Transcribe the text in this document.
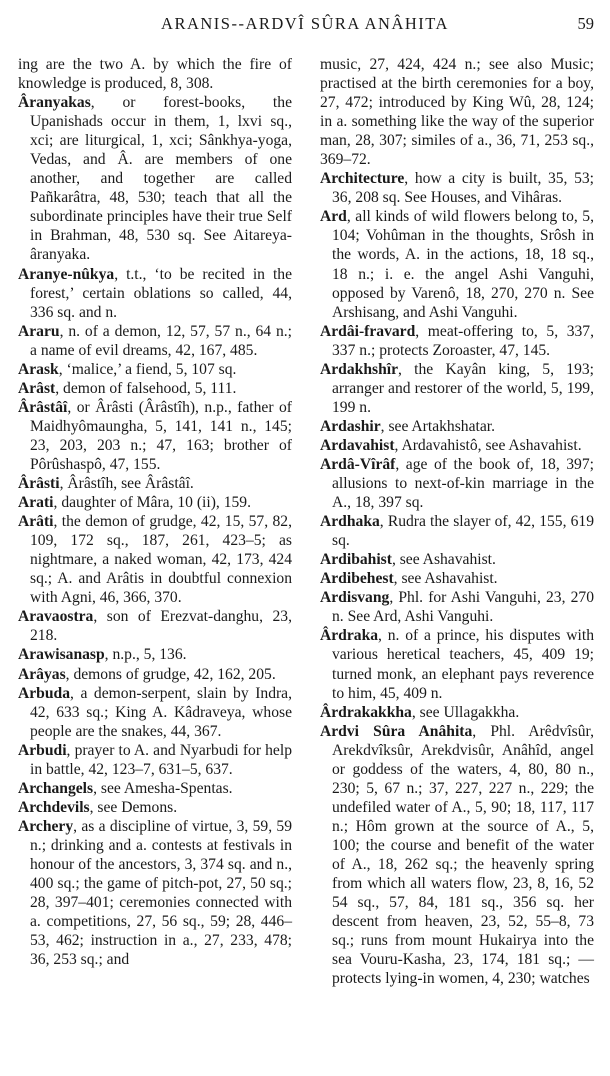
ARANIS--ARDVÎ SÛRA ANÂHITA	59
ing are the two A. by which the fire of knowledge is produced, 8, 308.
Âranyakas, or forest-books, the Upanishads occur in them, 1, lxvi sq., xci; are liturgical, 1, xci; Sânkhya-yoga, Vedas, and Â. are members of one another, and together are called Pañkarâtra, 48, 530; teach that all the subordinate principles have their true Self in Brahman, 48, 530 sq. See Aitareya-âranyaka.
Aranye-nûkya, t.t., ‘to be recited in the forest,’ certain oblations so called, 44, 336 sq. and n.
Araru, n. of a demon, 12, 57, 57 n., 64 n.; a name of evil dreams, 42, 167, 485.
Arask, ‘malice,’ a fiend, 5, 107 sq.
Arâst, demon of falsehood, 5, 111.
Ârâstâî, or Ârâsti (Ârâstîh), n.p., father of Maidhyômaungha, 5, 141, 141 n., 145; 23, 203, 203 n.; 47, 163; brother of Pôrûshaspô, 47, 155.
Ârâsti, Ârâstîh, see Ârâstâî.
Arati, daughter of Mâra, 10 (ii), 159.
Arâti, the demon of grudge, 42, 15, 57, 82, 109, 172 sq., 187, 261, 423–5; as nightmare, a naked woman, 42, 173, 424 sq.; A. and Arâtis in doubtful connexion with Agni, 46, 366, 370.
Aravaostra, son of Erezvat-danghu, 23, 218.
Arawisanasp, n.p., 5, 136.
Arâyas, demons of grudge, 42, 162, 205.
Arbuda, a demon-serpent, slain by Indra, 42, 633 sq.; King A. Kâdraveya, whose people are the snakes, 44, 367.
Arbudi, prayer to A. and Nyarbudi for help in battle, 42, 123–7, 631–5, 637.
Archangels, see Amesha-Spentas.
Archdevils, see Demons.
Archery, as a discipline of virtue, 3, 59, 59 n.; drinking and a. contests at festivals in honour of the ancestors, 3, 374 sq. and n., 400 sq.; the game of pitch-pot, 27, 50 sq.; 28, 397–401; ceremonies connected with a. competitions, 27, 56 sq., 59; 28, 446–53, 462; instruction in a., 27, 233, 478; 36, 253 sq.; and
music, 27, 424, 424 n.; see also Music; practised at the birth ceremonies for a boy, 27, 472; introduced by King Wû, 28, 124; in a. something like the way of the superior man, 28, 307; similes of a., 36, 71, 253 sq., 369–72.
Architecture, how a city is built, 35, 53; 36, 208 sq. See Houses, and Vihâras.
Ard, all kinds of wild flowers belong to, 5, 104; Vohûman in the thoughts, Srôsh in the words, A. in the actions, 18, 18 sq., 18 n.; i. e. the angel Ashi Vanguhi, opposed by Varenô, 18, 270, 270 n. See Arshisang, and Ashi Vanguhi.
Ardâi-fravard, meat-offering to, 5, 337, 337 n.; protects Zoroaster, 47, 145.
Ardakhshîr, the Kayân king, 5, 193; arranger and restorer of the world, 5, 199, 199 n.
Ardashir, see Artakhshatar.
Ardavahist, Ardavahistô, see Ashavahist.
Ardâ-Vîrâf, age of the book of, 18, 397; allusions to next-of-kin marriage in the A., 18, 397 sq.
Ardhaka, Rudra the slayer of, 42, 155, 619 sq.
Ardibahist, see Ashavahist.
Ardibehest, see Ashavahist.
Ardisvang, Phl. for Ashi Vanguhi, 23, 270 n. See Ard, Ashi Vanguhi.
Ârdraka, n. of a prince, his disputes with various heretical teachers, 45, 409 19; turned monk, an elephant pays reverence to him, 45, 409 n.
Ârdrakakkha, see Ullagakkha.
Ardvi Sûra Anâhita, Phl. Arêdvîsûr, Arekdvîksûr, Arekdvisûr, Anâhîd, angel or goddess of the waters, 4, 80, 80 n., 230; 5, 67 n.; 37, 227, 227 n., 229; the undefiled water of A., 5, 90; 18, 117, 117 n.; Hôm grown at the source of A., 5, 100; the course and benefit of the water of A., 18, 262 sq.; the heavenly spring from which all waters flow, 23, 8, 16, 52 54 sq., 57, 84, 181 sq., 356 sq. her descent from heaven, 23, 52, 55–8, 73 sq.; runs from mount Hukairya into the sea Vouru-Kasha, 23, 174, 181 sq.; — protects lying-in women, 4, 230; watches
